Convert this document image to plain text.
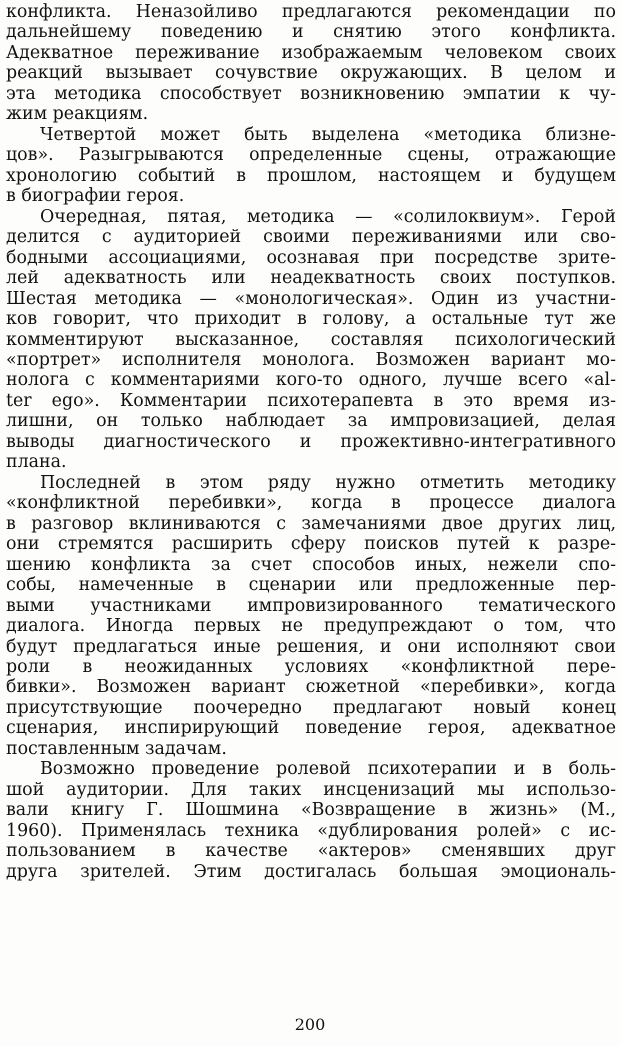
конфликта. Неназойливо предлагаются рекомендации по
дальнейшему поведению и снятию этого конфликта.
Адекватное переживание изображаемым человеком своих
реакций вызывает сочувствие окружающих. В целом и
эта методика способствует возникновению эмпатии к чу-
жим реакциям.
Четвертой может быть выделена «методика близне-
цов». Разыгрываются определенные сцены, отражающие
хронологию событий в прошлом, настоящем и будущем
в биографии героя.
Очередная, пятая, методика — «солилоквиум». Герой
делится с аудиторией своими переживаниями или сво-
бодными ассоциациями, осознавая при посредстве зрите-
лей адекватность или неадекватность своих поступков.
Шестая методика — «монологическая». Один из участни-
ков говорит, что приходит в голову, а остальные тут же
комментируют высказанное, составляя психологический
«портрет» исполнителя монолога. Возможен вариант мо-
нолога с комментариями кого-то одного, лучше всего «al-
ter ego». Комментарии психотерапевта в это время из-
лишни, он только наблюдает за импровизацией, делая
выводы диагностического и прожективно-интегративного
плана.
Последней в этом ряду нужно отметить методику
«конфликтной перебивки», когда в процессе диалога
в разговор вклиниваются с замечаниями двое других лиц,
они стремятся расширить сферу поисков путей к разре-
шению конфликта за счет способов иных, нежели спо-
собы, намеченные в сценарии или предложенные пер-
выми участниками импровизированного тематического
диалога. Иногда первых не предупреждают о том, что
будут предлагаться иные решения, и они исполняют свои
роли в неожиданных условиях «конфликтной пере-
бивки». Возможен вариант сюжетной «перебивки», когда
присутствующие поочередно предлагают новый конец
сценария, инспирирующий поведение героя, адекватное
поставленным задачам.
Возможно проведение ролевой психотерапии и в боль-
шой аудитории. Для таких инсценизаций мы использо-
вали книгу Г. Шошмина «Возвращение в жизнь» (М.,
1960). Применялась техника «дублирования ролей» с ис-
пользованием в качестве «актеров» сменявших друг
друга зрителей. Этим достигалась большая эмоциональ-
200
